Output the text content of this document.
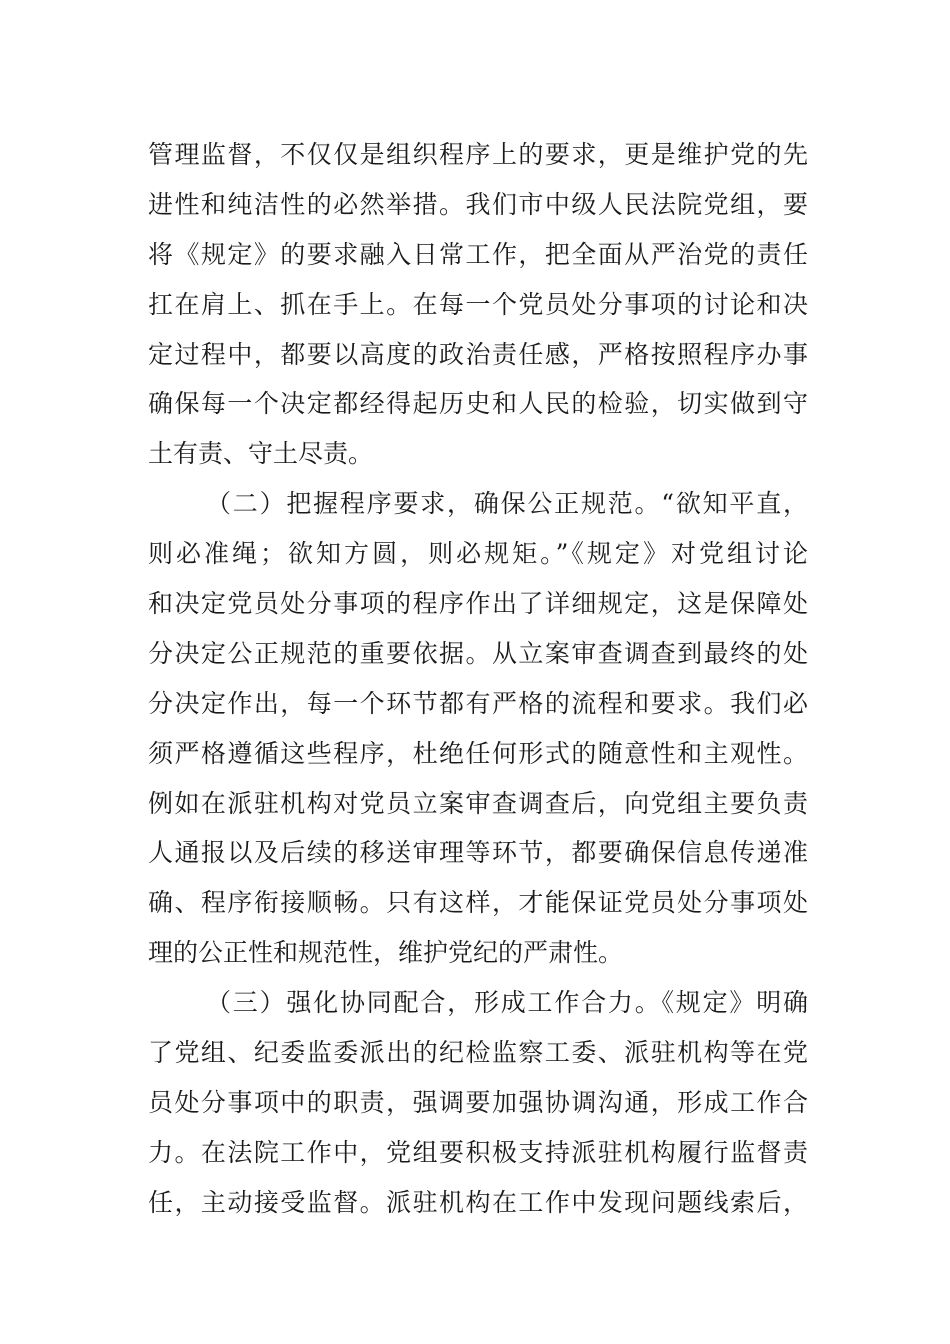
管理监督，不仅仅是组织程序上的要求，更是维护党的先
进性和纯洁性的必然举措。我们市中级人民法院党组，要
将《规定》的要求融入日常工作，把全面从严治党的责任
扛在肩上、抓在手上。在每一个党员处分事项的讨论和决
定过程中，都要以高度的政治责任感，严格按照程序办事
确保每一个决定都经得起历史和人民的检验，切实做到守
土有责、守土尽责。
（二）把握程序要求，确保公正规范。“欲知平直，
则必准绳；欲知方圆，则必规矩。”《规定》对党组讨论
和决定党员处分事项的程序作出了详细规定，这是保障处
分决定公正规范的重要依据。从立案审查调查到最终的处
分决定作出，每一个环节都有严格的流程和要求。我们必
须严格遵循这些程序，杜绝任何形式的随意性和主观性。
例如在派驻机构对党员立案审查调查后，向党组主要负责
人通报以及后续的移送审理等环节，都要确保信息传递准
确、程序衔接顺畅。只有这样，才能保证党员处分事项处
理的公正性和规范性，维护党纪的严肃性。
（三）强化协同配合，形成工作合力。《规定》明确
了党组、纪委监委派出的纪检监察工委、派驻机构等在党
员处分事项中的职责，强调要加强协调沟通，形成工作合
力。在法院工作中，党组要积极支持派驻机构履行监督责
任，主动接受监督。派驻机构在工作中发现问题线索后，
